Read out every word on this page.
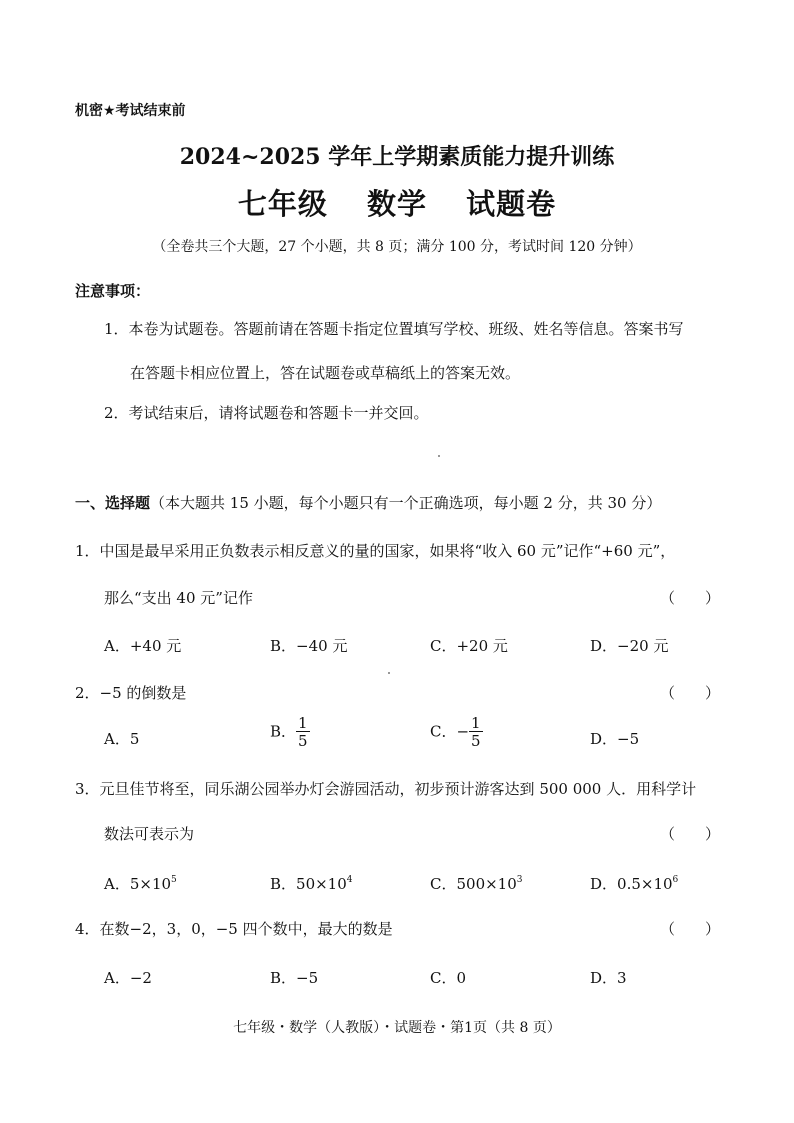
机密★考试结束前
2024~2025 学年上学期素质能力提升训练
七年级 数学 试题卷
（全卷共三个大题，27 个小题，共 8 页；满分 100 分，考试时间 120 分钟）
注意事项：
1．本卷为试题卷。答题前请在答题卡指定位置填写学校、班级、姓名等信息。答案书写
在答题卡相应位置上，答在试题卷或草稿纸上的答案无效。
2．考试结束后，请将试题卷和答题卡一并交回。
一、选择题（本大题共 15 小题，每个小题只有一个正确选项，每小题 2 分，共 30 分）
1．中国是最早采用正负数表示相反意义的量的国家，如果将“收入 60 元”记作“+60 元”，
那么“支出 40 元”记作	（　　）
A．+40 元	B．−40 元	C．+20 元	D．−20 元
2．−5 的倒数是	（　　）
A．5	B． $\frac{1}{5}$	C．− $\frac{1}{5}$	D．−5
3．元旦佳节将至，同乐湖公园举办灯会游园活动，初步预计游客达到 500 000 人．用科学计
数法可表示为	（　　）
A．$5\times 10^5$	B．$50\times 10^4$	C．$500\times 10^3$	D．$0.5\times 10^6$
4．在数−2，3，0，−5 四个数中，最大的数是	（　　）
A．−2	B．−5	C．0	D．3
七年级・数学（人教版）・试题卷・第1页（共 8 页）
